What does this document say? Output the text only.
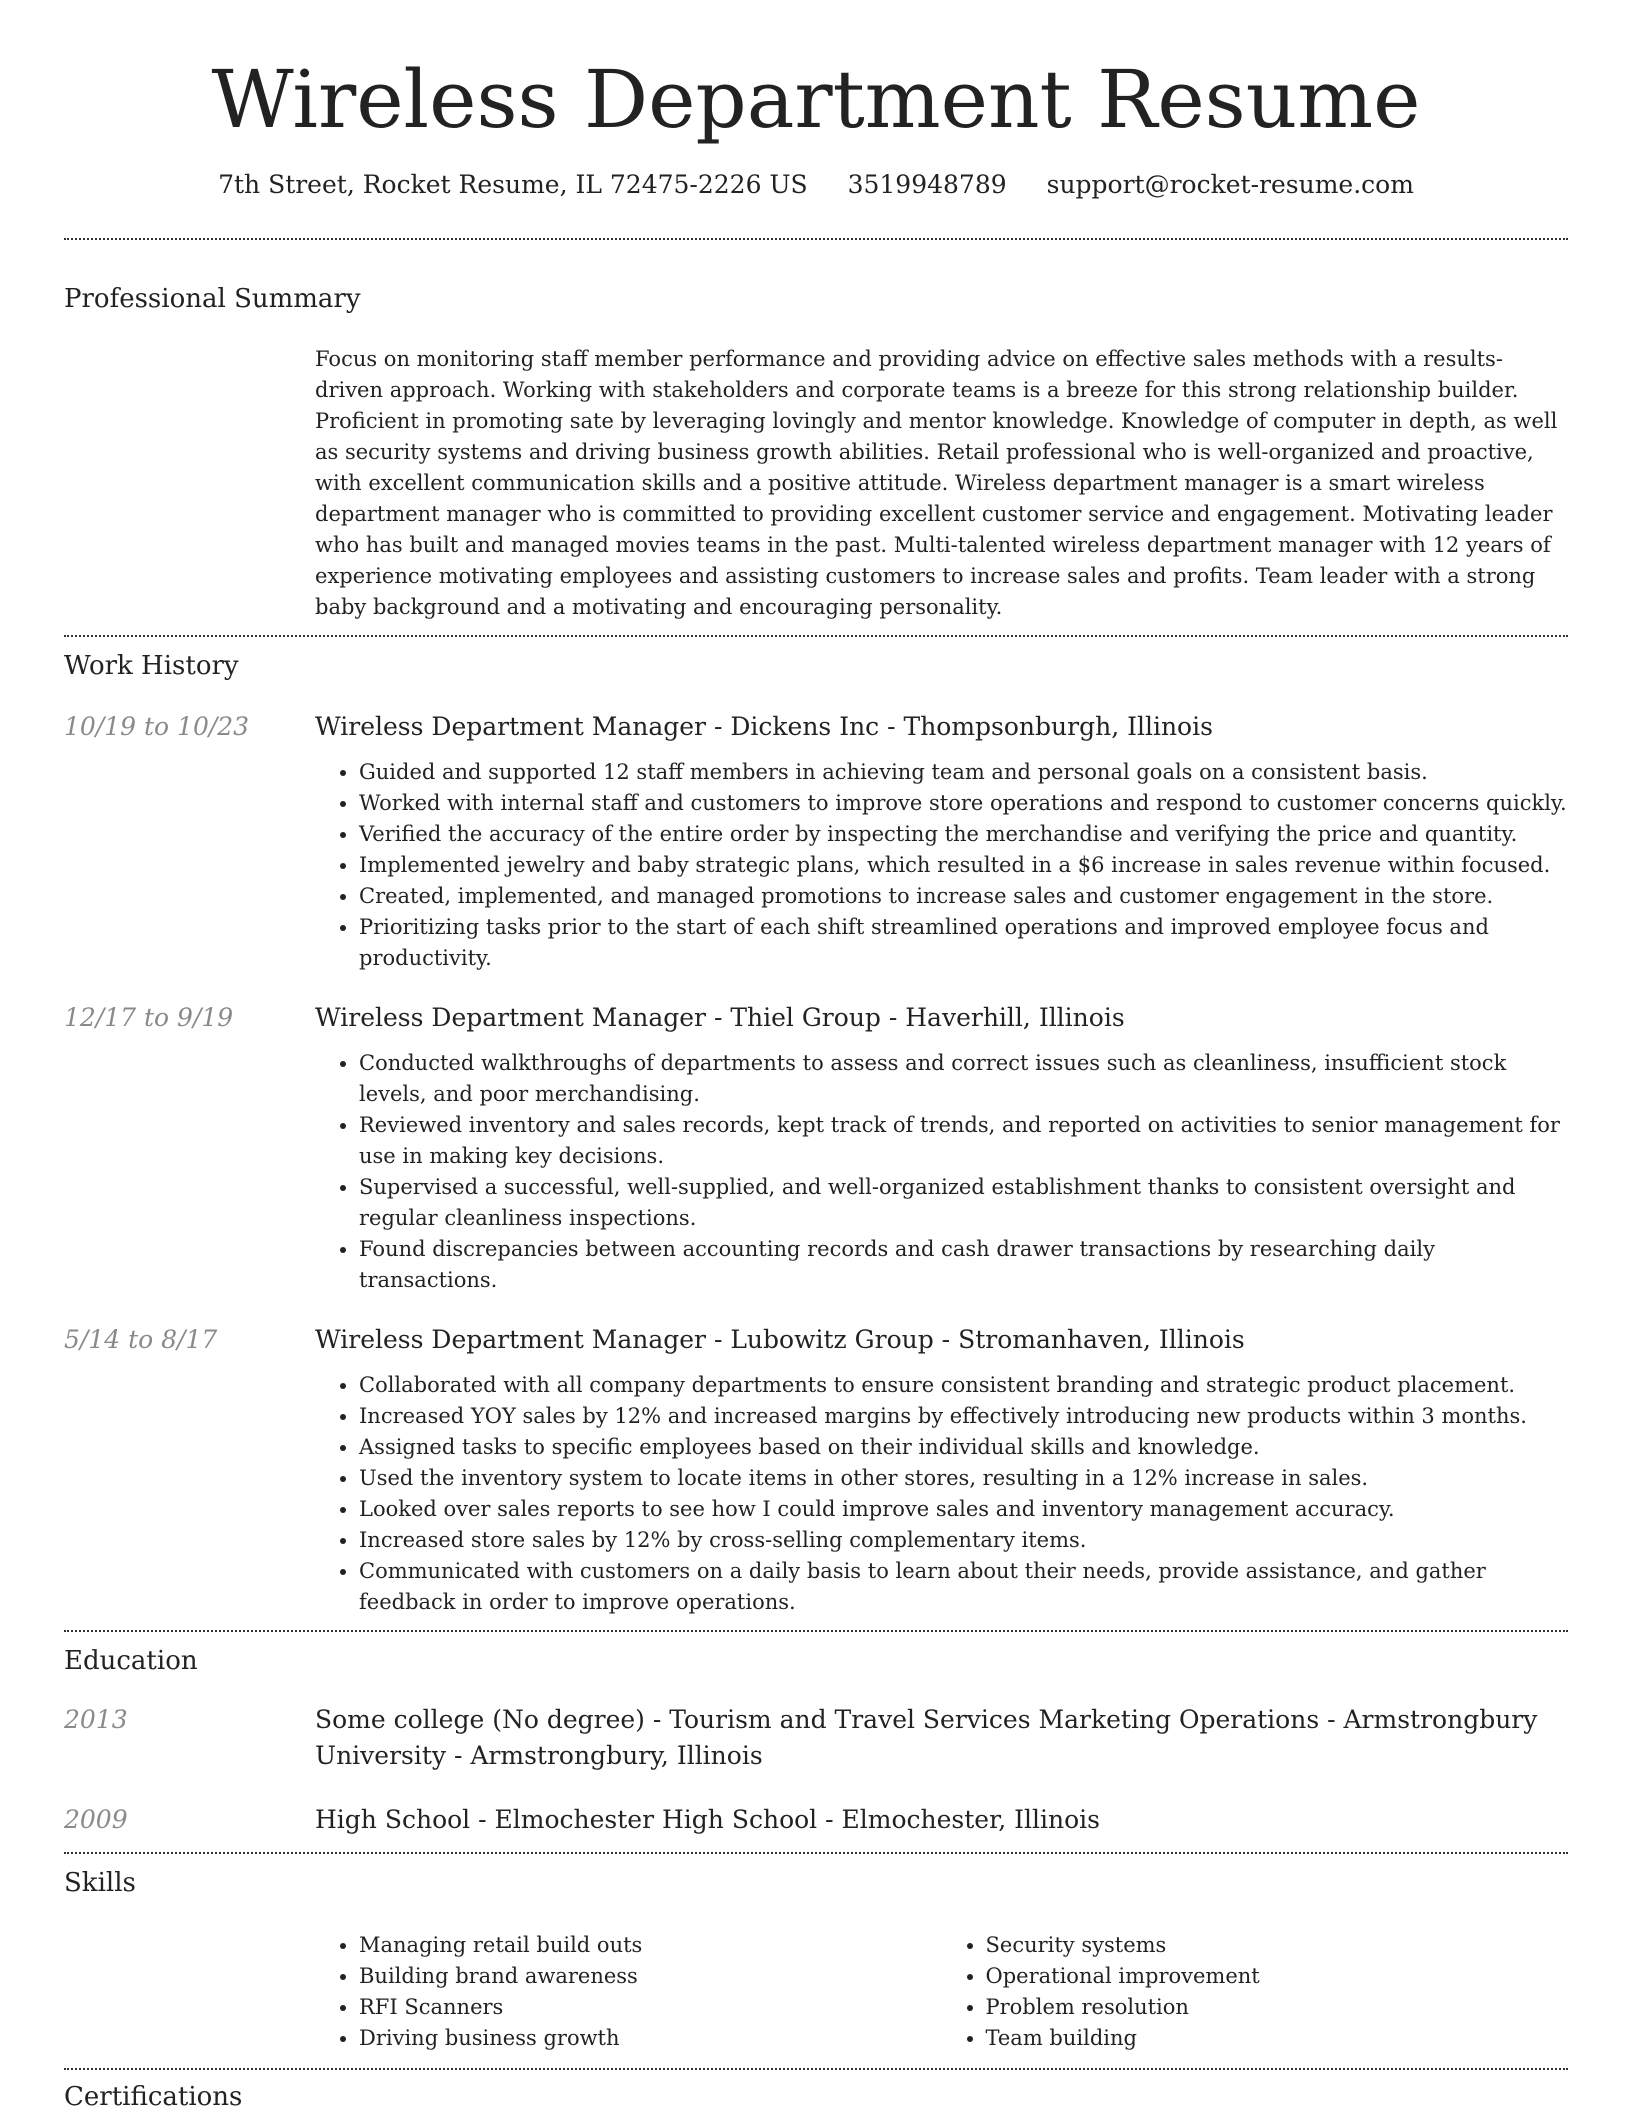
Wireless Department Resume
7th Street, Rocket Resume, IL 72475-2226 US 3519948789 support@rocket-resume.com
Professional Summary
Focus on monitoring staff member performance and providing advice on effective sales methods with a results-driven approach. Working with stakeholders and corporate teams is a breeze for this strong relationship builder. Proficient in promoting sate by leveraging lovingly and mentor knowledge. Knowledge of computer in depth, as well as security systems and driving business growth abilities. Retail professional who is well-organized and proactive, with excellent communication skills and a positive attitude. Wireless department manager is a smart wireless department manager who is committed to providing excellent customer service and engagement. Motivating leader who has built and managed movies teams in the past. Multi-talented wireless department manager with 12 years of experience motivating employees and assisting customers to increase sales and profits. Team leader with a strong baby background and a motivating and encouraging personality.
Work History
10/19 to 10/23	Wireless Department Manager - Dickens Inc - Thompsonburgh, Illinois
• Guided and supported 12 staff members in achieving team and personal goals on a consistent basis.
• Worked with internal staff and customers to improve store operations and respond to customer concerns quickly.
• Verified the accuracy of the entire order by inspecting the merchandise and verifying the price and quantity.
• Implemented jewelry and baby strategic plans, which resulted in a $6 increase in sales revenue within focused.
• Created, implemented, and managed promotions to increase sales and customer engagement in the store.
• Prioritizing tasks prior to the start of each shift streamlined operations and improved employee focus and productivity.
12/17 to 9/19	Wireless Department Manager - Thiel Group - Haverhill, Illinois
• Conducted walkthroughs of departments to assess and correct issues such as cleanliness, insufficient stock levels, and poor merchandising.
• Reviewed inventory and sales records, kept track of trends, and reported on activities to senior management for use in making key decisions.
• Supervised a successful, well-supplied, and well-organized establishment thanks to consistent oversight and regular cleanliness inspections.
• Found discrepancies between accounting records and cash drawer transactions by researching daily transactions.
5/14 to 8/17	Wireless Department Manager - Lubowitz Group - Stromanhaven, Illinois
• Collaborated with all company departments to ensure consistent branding and strategic product placement.
• Increased YOY sales by 12% and increased margins by effectively introducing new products within 3 months.
• Assigned tasks to specific employees based on their individual skills and knowledge.
• Used the inventory system to locate items in other stores, resulting in a 12% increase in sales.
• Looked over sales reports to see how I could improve sales and inventory management accuracy.
• Increased store sales by 12% by cross-selling complementary items.
• Communicated with customers on a daily basis to learn about their needs, provide assistance, and gather feedback in order to improve operations.
Education
2013	Some college (No degree) - Tourism and Travel Services Marketing Operations - Armstrongbury University - Armstrongbury, Illinois
2009	High School - Elmochester High School - Elmochester, Illinois
Skills
• Managing retail build outs
• Building brand awareness
• RFI Scanners
• Driving business growth
• Security systems
• Operational improvement
• Problem resolution
• Team building
Certifications
